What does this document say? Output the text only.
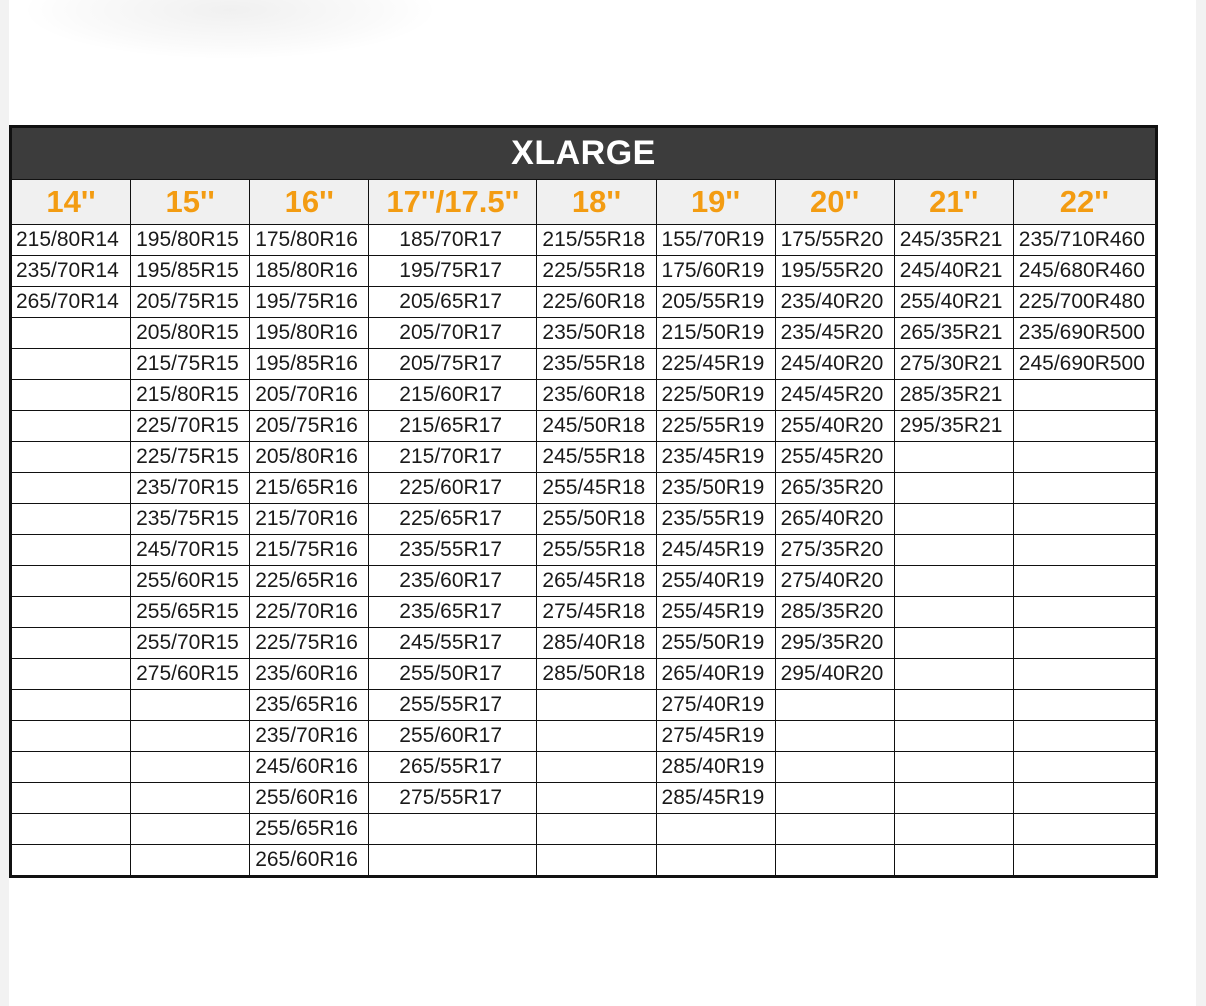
XLARGE								
14''	15''	16''	17''/17.5''	18''	19''	20''	21''	22''
215/80R14	195/80R15	175/80R16	185/70R17	215/55R18	155/70R19	175/55R20	245/35R21	235/710R460
235/70R14	195/85R15	185/80R16	195/75R17	225/55R18	175/60R19	195/55R20	245/40R21	245/680R460
265/70R14	205/75R15	195/75R16	205/65R17	225/60R18	205/55R19	235/40R20	255/40R21	225/700R480
	205/80R15	195/80R16	205/70R17	235/50R18	215/50R19	235/45R20	265/35R21	235/690R500
	215/75R15	195/85R16	205/75R17	235/55R18	225/45R19	245/40R20	275/30R21	245/690R500
	215/80R15	205/70R16	215/60R17	235/60R18	225/50R19	245/45R20	285/35R21	
	225/70R15	205/75R16	215/65R17	245/50R18	225/55R19	255/40R20	295/35R21	
	225/75R15	205/80R16	215/70R17	245/55R18	235/45R19	255/45R20		
	235/70R15	215/65R16	225/60R17	255/45R18	235/50R19	265/35R20		
	235/75R15	215/70R16	225/65R17	255/50R18	235/55R19	265/40R20		
	245/70R15	215/75R16	235/55R17	255/55R18	245/45R19	275/35R20		
	255/60R15	225/65R16	235/60R17	265/45R18	255/40R19	275/40R20		
	255/65R15	225/70R16	235/65R17	275/45R18	255/45R19	285/35R20		
	255/70R15	225/75R16	245/55R17	285/40R18	255/50R19	295/35R20		
	275/60R15	235/60R16	255/50R17	285/50R18	265/40R19	295/40R20		
		235/65R16	255/55R17		275/40R19			
		235/70R16	255/60R17		275/45R19			
		245/60R16	265/55R17		285/40R19			
		255/60R16	275/55R17		285/45R19			
		255/65R16						
		265/60R16						
